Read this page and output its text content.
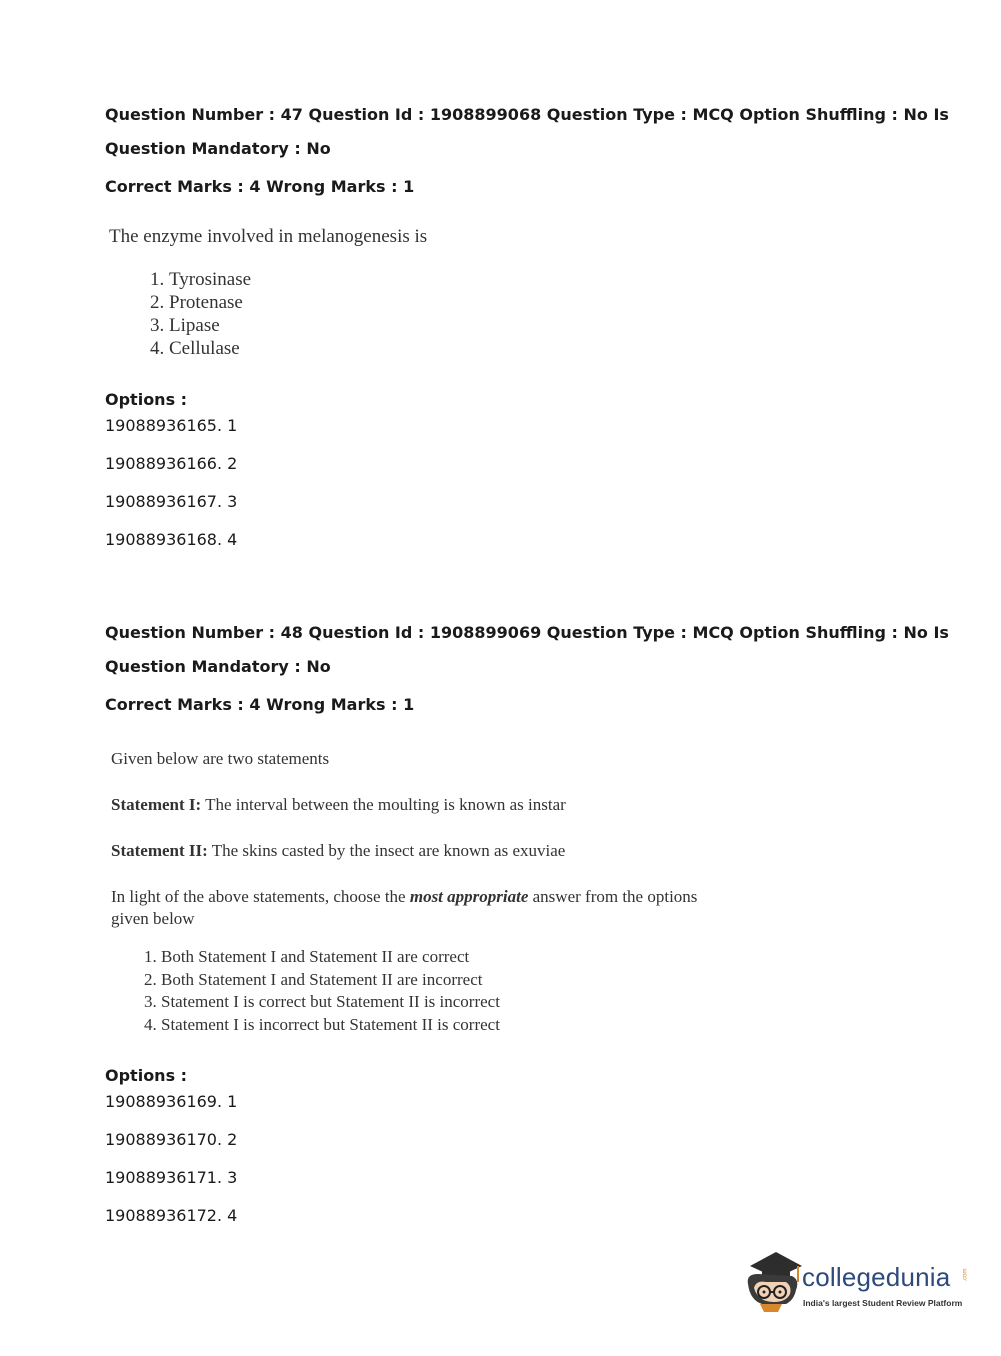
Question Number : 47 Question Id : 1908899068 Question Type : MCQ Option Shuffling : No Is

Question Mandatory : No

Correct Marks : 4 Wrong Marks : 1

The enzyme involved in melanogenesis is

1. Tyrosinase
2. Protenase
3. Lipase
4. Cellulase

Options :

19088936165. 1

19088936166. 2

19088936167. 3

19088936168. 4

Question Number : 48 Question Id : 1908899069 Question Type : MCQ Option Shuffling : No Is

Question Mandatory : No

Correct Marks : 4 Wrong Marks : 1

Given below are two statements

Statement I: The interval between the moulting is known as instar

Statement II: The skins casted by the insect are known as exuviae

In light of the above statements, choose the most appropriate answer from the options given below

1. Both Statement I and Statement II are correct
2. Both Statement I and Statement II are incorrect
3. Statement I is correct but Statement II is incorrect
4. Statement I is incorrect but Statement II is correct

Options :

19088936169. 1

19088936170. 2

19088936171. 3

19088936172. 4

collegedunia .com
India's largest Student Review Platform
